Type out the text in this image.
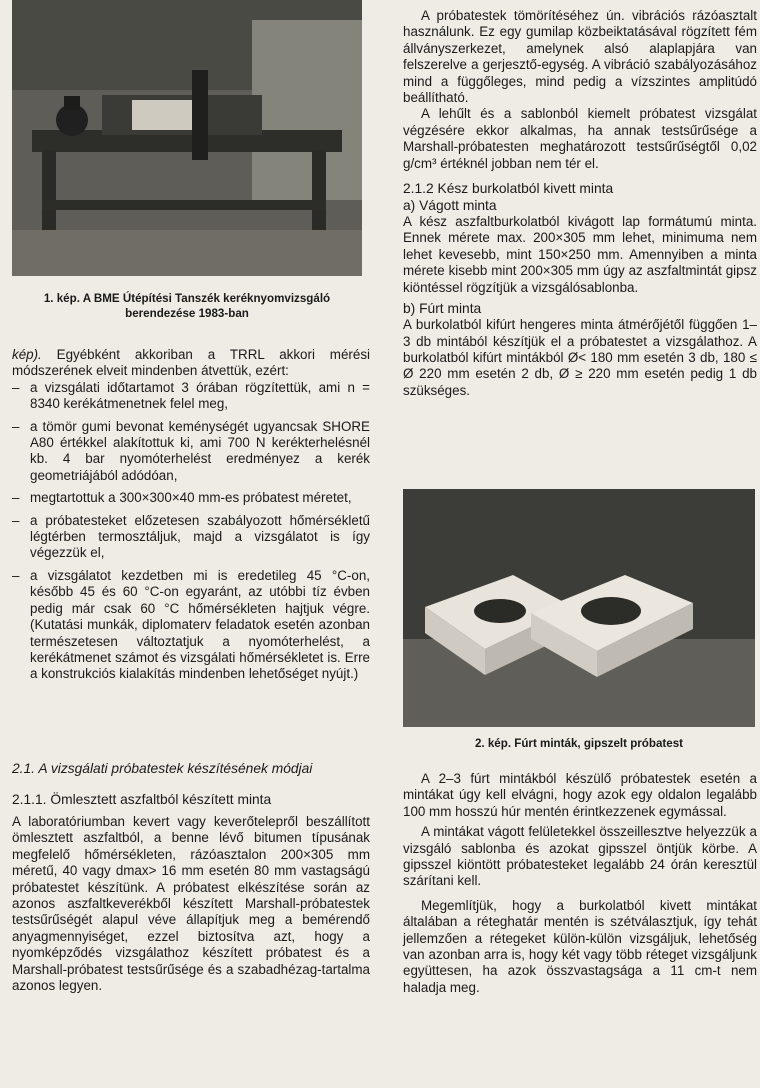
1. kép. A BME Útépítési Tanszék keréknyomvizsgáló
berendezése 1983-ban

kép). Egyébként akkoriban a TRRL akkori mérési módszerének elveit mindenben átvettük, ezért:

– a vizsgálati időtartamot 3 órában rögzítettük, ami n = 8340 kerékátmenetnek felel meg,
– a tömör gumi bevonat keménységét ugyancsak SHORE A80 értékkel alakítottuk ki, ami 700 N kerékterhelésnél kb. 4 bar nyomóterhelést eredményez a kerék geometriájából adódóan,
– megtartottuk a 300×300×40 mm-es próbatest méretet,
– a próbatesteket előzetesen szabályozott hőmérsékletű légtérben termosztáljuk, majd a vizsgálatot is így végezzük el,
– a vizsgálatot kezdetben mi is eredetileg 45 °C-on, később 45 és 60 °C-on egyaránt, az utóbbi tíz évben pedig már csak 60 °C hőmérsékleten hajtjuk végre. (Kutatási munkák, diplomaterv feladatok esetén azonban természetesen változtatjuk a nyomóterhelést, a kerékátmenet számot és vizsgálati hőmérsékletet is. Erre a konstrukciós kialakítás mindenben lehetőséget nyújt.)

2.1. A vizsgálati próbatestek készítésének módjai

2.1.1. Ömlesztett aszfaltból készített minta

A laboratóriumban kevert vagy keverőtelepről beszállított ömlesztett aszfaltból, a benne lévő bitumen típusának megfelelő hőmérsékleten, rázóasztalon 200×305 mm méretű, 40 vagy dmax> 16 mm esetén 80 mm vastagságú próbatestet készítünk. A próbatest elkészítése során az azonos aszfaltkeverékből készített Marshall-próbatestek testsűrűségét alapul véve állapítjuk meg a bemérendő anyagmennyiséget, ezzel biztosítva azt, hogy a nyomképződés vizsgálathoz készített próbatest és a Marshall-próbatest testsűrűsége és a szabadhézag-tartalma azonos legyen.

A próbatestek tömörítéséhez ún. vibrációs rázóasztalt használunk. Ez egy gumilap közbeiktatásával rögzített fém állványszerkezet, amelynek alsó alaplapjára van felszerelve a gerjesztő-egység. A vibráció szabályozásához mind a függőleges, mind pedig a vízszintes amplitúdó beállítható.

A lehűlt és a sablonból kiemelt próbatest vizsgálat végzésére ekkor alkalmas, ha annak testsűrűsége a Marshall-próbatesten meghatározott testsűrűségtől 0,02 g/cm³ értéknél jobban nem tér el.

2.1.2 Kész burkolatból kivett minta

a) Vágott minta

A kész aszfaltburkolatból kivágott lap formátumú minta. Ennek mérete max. 200×305 mm lehet, minimuma nem lehet kevesebb, mint 150×250 mm. Amennyiben a minta mérete kisebb mint 200×305 mm úgy az aszfaltmintát gipsz kiöntéssel rögzítjük a vizsgálósablonba.

b) Fúrt minta

A burkolatból kifúrt hengeres minta átmérőjétől függően 1–3 db mintából készítjük el a próbatestet a vizsgálathoz. A burkolatból kifúrt mintákból Ø< 180 mm esetén 3 db, 180 ≤ Ø 220 mm esetén 2 db, Ø ≥ 220 mm esetén pedig 1 db szükséges.

2. kép. Fúrt minták, gipszelt próbatest

A 2–3 fúrt mintákból készülő próbatestek esetén a mintákat úgy kell elvágni, hogy azok egy oldalon legalább 100 mm hosszú húr mentén érintkezzenek egymással.

A mintákat vágott felületekkel összeillesztve helyezzük a vizsgáló sablonba és azokat gipsszel öntjük körbe. A gipsszel kiöntött próbatesteket legalább 24 órán keresztül szárítani kell.

Megemlítjük, hogy a burkolatból kivett mintákat általában a réteghatár mentén is szétválasztjuk, így tehát jellemzően a rétegeket külön-külön vizsgáljuk, lehetőség van azonban arra is, hogy két vagy több réteget vizsgáljunk együttesen, ha azok összvastagsága a 11 cm-t nem haladja meg.
